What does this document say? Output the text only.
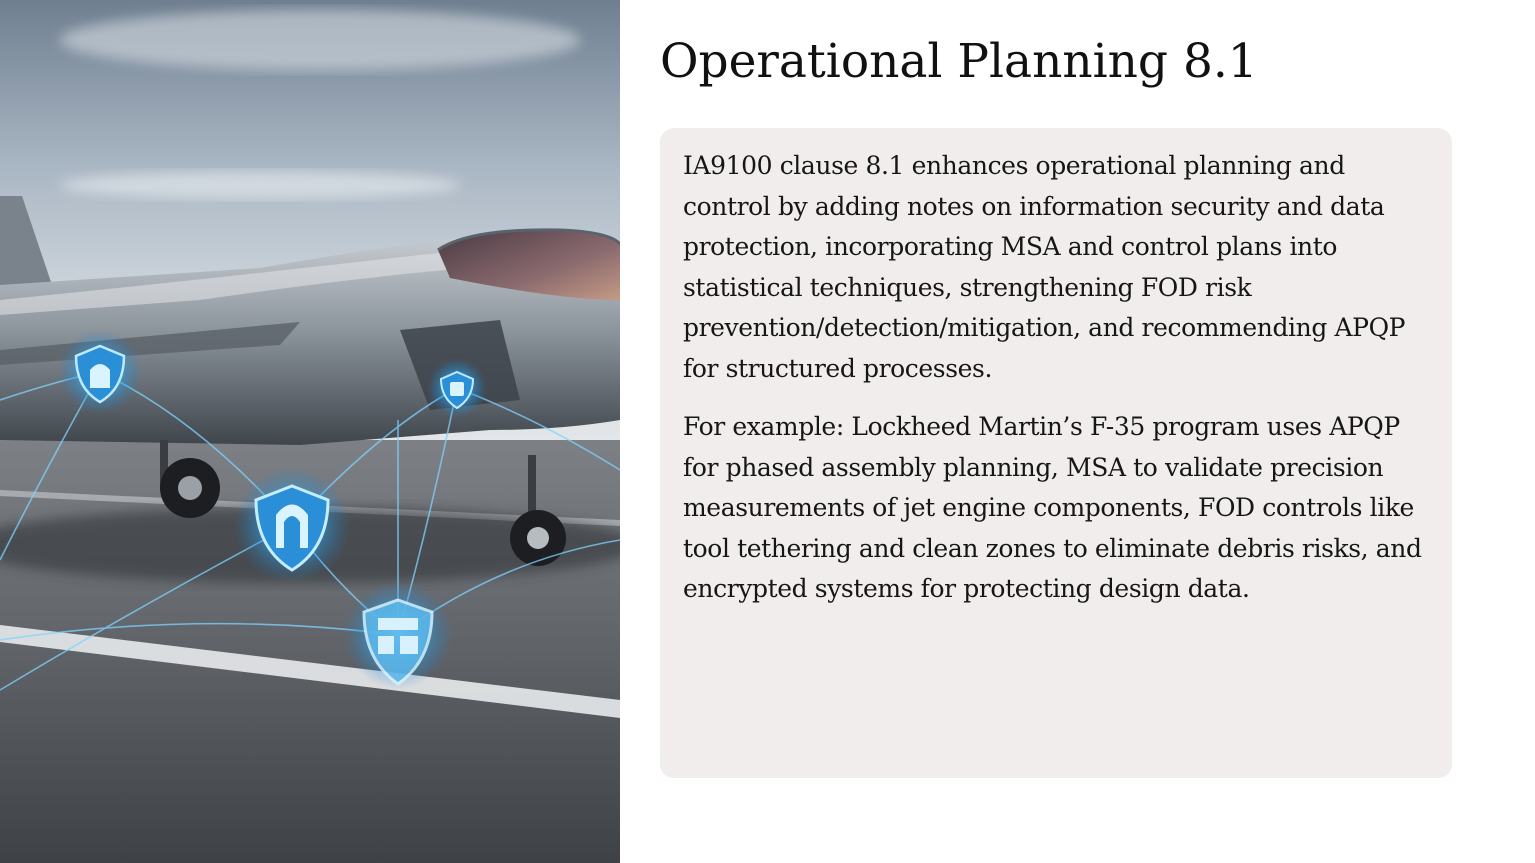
Operational Planning 8.1

IA9100 clause 8.1 enhances operational planning and control by adding notes on information security and data protection, incorporating MSA and control plans into statistical techniques, strengthening FOD risk prevention/detection/mitigation, and recommending APQP for structured processes.

For example: Lockheed Martin’s F-35 program uses APQP for phased assembly planning, MSA to validate precision measurements of jet engine components, FOD controls like tool tethering and clean zones to eliminate debris risks, and encrypted systems for protecting design data.
